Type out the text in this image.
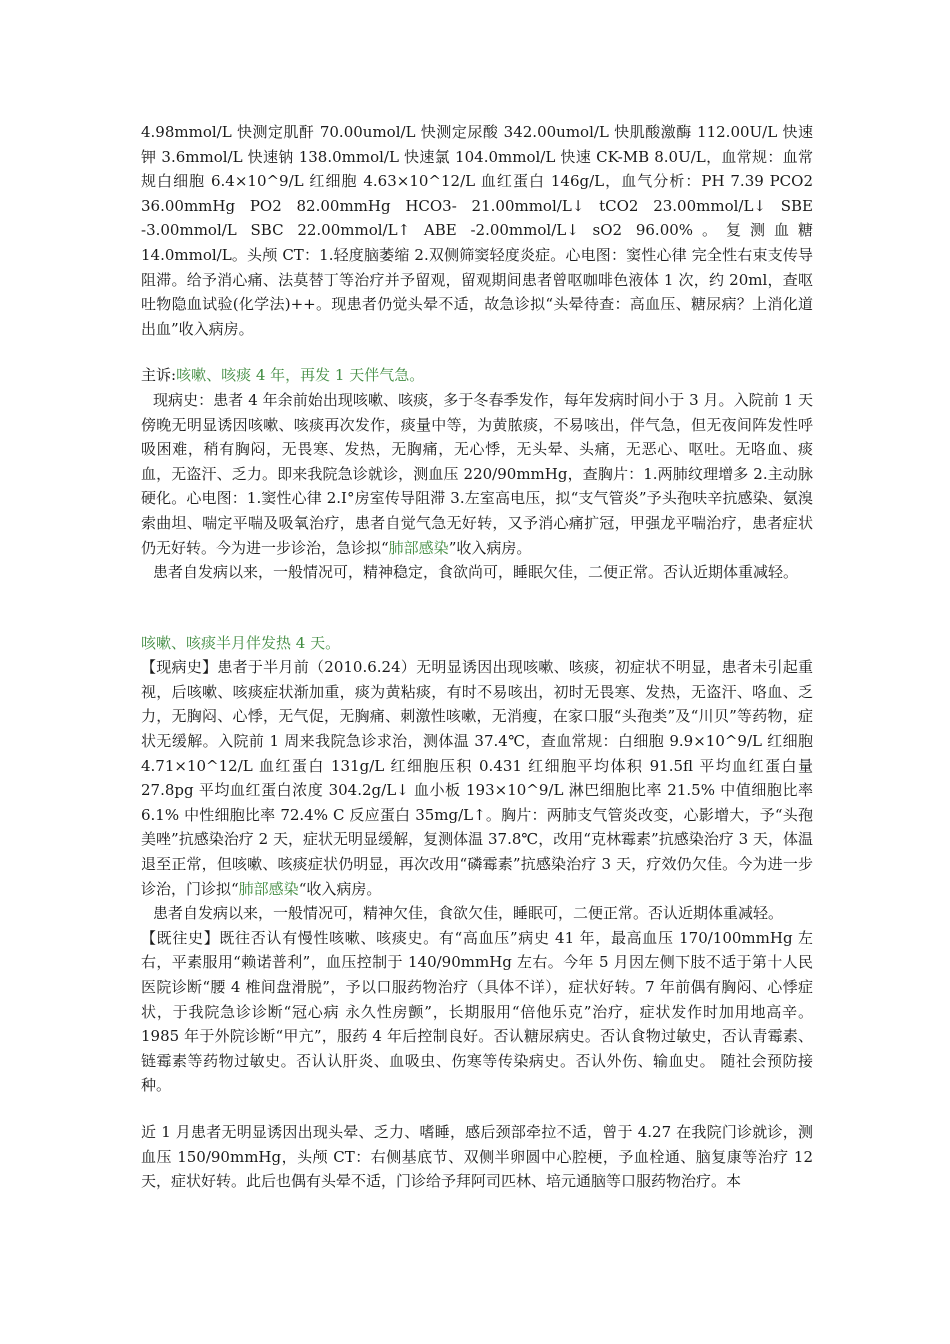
4.98mmol/L 快测定肌酐 70.00umol/L 快测定尿酸 342.00umol/L 快肌酸激酶 112.00U/L 快速钾 3.6mmol/L 快速钠 138.0mmol/L 快速氯 104.0mmol/L 快速 CK-MB 8.0U/L，血常规：血常规白细胞 6.4×10^9/L 红细胞 4.63×10^12/L 血红蛋白 146g/L，血气分析：PH 7.39 PCO2 36.00mmHg PO2 82.00mmHg HCO3- 21.00mmol/L↓ tCO2 23.00mmol/L↓ SBE -3.00mmol/L SBC 22.00mmol/L↑ ABE -2.00mmol/L↓ sO2 96.00%。复测血糖 14.0mmol/L。头颅 CT：1.轻度脑萎缩 2.双侧筛窦轻度炎症。心电图：窦性心律 完全性右束支传导阻滞。给予消心痛、法莫替丁等治疗并予留观，留观期间患者曾呕咖啡色液体 1 次，约 20ml，查呕吐物隐血试验(化学法)++。现患者仍觉头晕不适，故急诊拟“头晕待查：高血压、糖尿病？上消化道出血”收入病房。

主诉:咳嗽、咳痰 4 年，再发 1 天伴气急。

现病史：患者 4 年余前始出现咳嗽、咳痰，多于冬春季发作，每年发病时间小于 3 月。入院前 1 天傍晚无明显诱因咳嗽、咳痰再次发作，痰量中等，为黄脓痰，不易咳出，伴气急，但无夜间阵发性呼吸困难，稍有胸闷，无畏寒、发热，无胸痛，无心悸，无头晕、头痛，无恶心、呕吐。无咯血、痰血，无盗汗、乏力。即来我院急诊就诊，测血压 220/90mmHg，查胸片：1.两肺纹理增多 2.主动脉硬化。心电图：1.窦性心律 2.I°房室传导阻滞 3.左室高电压，拟“支气管炎”予头孢呋辛抗感染、氨溴索曲坦、喘定平喘及吸氧治疗，患者自觉气急无好转，又予消心痛扩冠，甲强龙平喘治疗，患者症状仍无好转。今为进一步诊治，急诊拟“肺部感染”收入病房。

患者自发病以来，一般情况可，精神稳定，食欲尚可，睡眠欠佳，二便正常。否认近期体重减轻。

咳嗽、咳痰半月伴发热 4 天。

【现病史】患者于半月前（2010.6.24）无明显诱因出现咳嗽、咳痰，初症状不明显，患者未引起重视，后咳嗽、咳痰症状渐加重，痰为黄粘痰，有时不易咳出，初时无畏寒、发热，无盗汗、咯血、乏力，无胸闷、心悸，无气促，无胸痛、刺激性咳嗽，无消瘦，在家口服“头孢类”及“川贝”等药物，症状无缓解。入院前 1 周来我院急诊求治，测体温 37.4℃，查血常规：白细胞 9.9×10^9/L 红细胞 4.71×10^12/L 血红蛋白 131g/L 红细胞压积 0.431 红细胞平均体积 91.5fl 平均血红蛋白量 27.8pg 平均血红蛋白浓度 304.2g/L↓ 血小板 193×10^9/L 淋巴细胞比率 21.5% 中值细胞比率 6.1% 中性细胞比率 72.4% C 反应蛋白 35mg/L↑。胸片：两肺支气管炎改变，心影增大，予“头孢美唑”抗感染治疗 2 天，症状无明显缓解，复测体温 37.8℃，改用“克林霉素”抗感染治疗 3 天，体温退至正常，但咳嗽、咳痰症状仍明显，再次改用“磷霉素”抗感染治疗 3 天，疗效仍欠佳。今为进一步诊治，门诊拟“肺部感染“收入病房。

患者自发病以来，一般情况可，精神欠佳，食欲欠佳，睡眠可，二便正常。否认近期体重减轻。

【既往史】既往否认有慢性咳嗽、咳痰史。有“高血压”病史 41 年，最高血压 170/100mmHg 左右，平素服用“赖诺普利”，血压控制于 140/90mmHg 左右。今年 5 月因左侧下肢不适于第十人民医院诊断“腰 4 椎间盘滑脱”，予以口服药物治疗（具体不详），症状好转。7 年前偶有胸闷、心悸症状，于我院急诊诊断“冠心病 永久性房颤”，长期服用“倍他乐克”治疗，症状发作时加用地高辛。1985 年于外院诊断“甲亢”，服药 4 年后控制良好。否认糖尿病史。否认食物过敏史，否认青霉素、链霉素等药物过敏史。否认认肝炎、血吸虫、伤寒等传染病史。否认外伤、输血史。 随社会预防接种。

近 1 月患者无明显诱因出现头晕、乏力、嗜睡，感后颈部牵拉不适，曾于 4.27 在我院门诊就诊，测血压 150/90mmHg，头颅 CT：右侧基底节、双侧半卵圆中心腔梗，予血栓通、脑复康等治疗 12 天，症状好转。此后也偶有头晕不适，门诊给予拜阿司匹林、培元通脑等口服药物治疗。本
